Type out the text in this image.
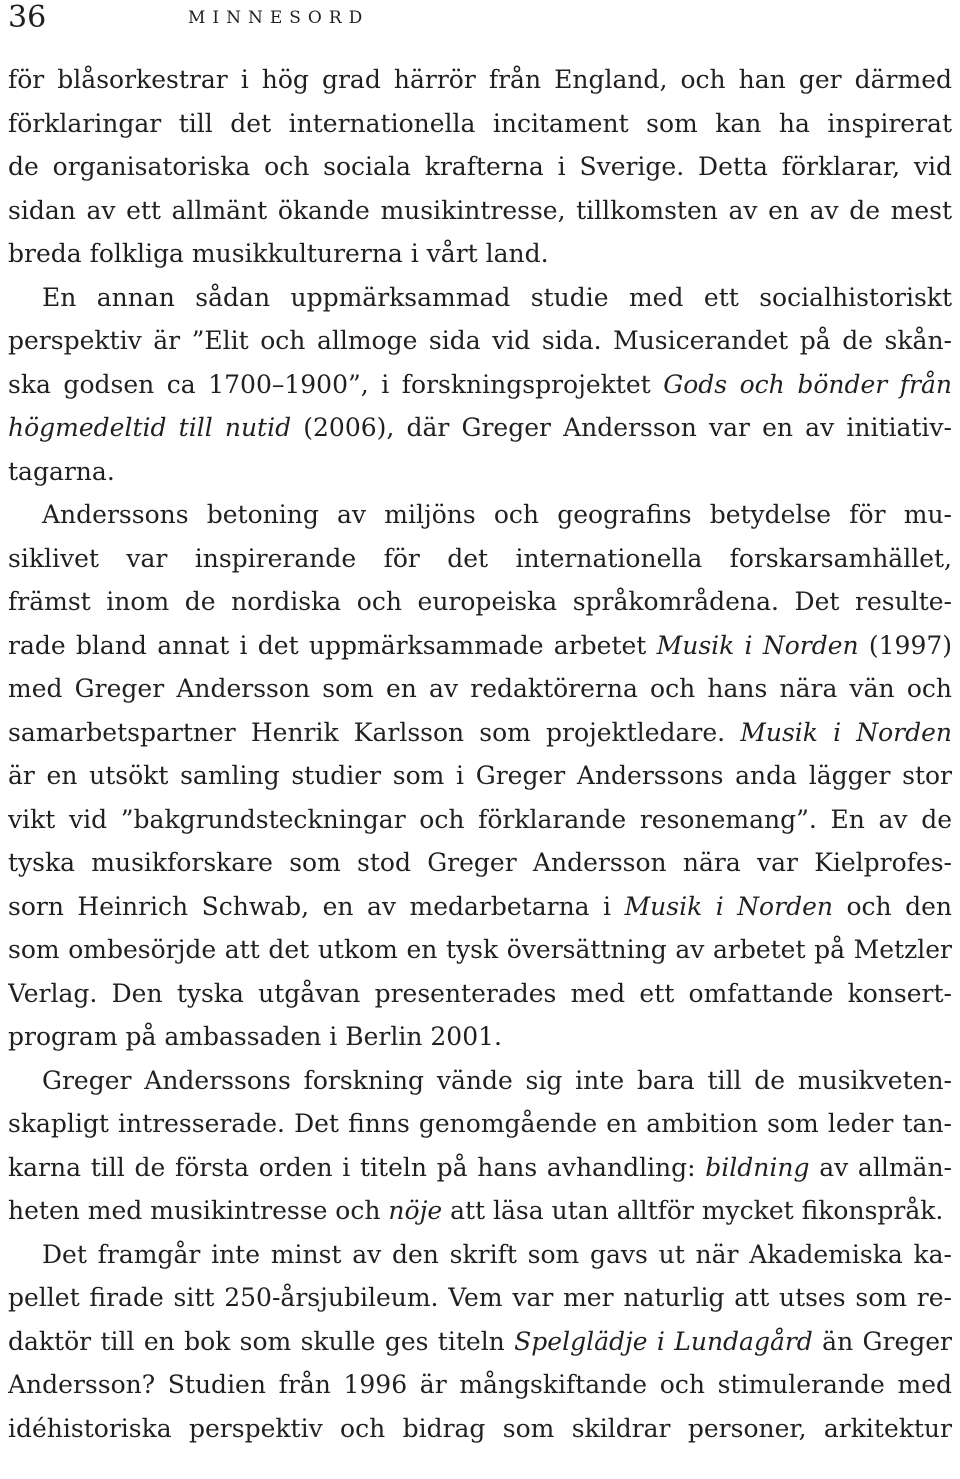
36	MINNESORD
för blåsorkestrar i hög grad härrör från England, och han ger därmed
förklaringar till det internationella incitament som kan ha inspirerat
de organisatoriska och sociala krafterna i Sverige. Detta förklarar, vid
sidan av ett allmänt ökande musikintresse, tillkomsten av en av de mest
breda folkliga musikkulturerna i vårt land.
En annan sådan uppmärksammad studie med ett socialhistoriskt
perspektiv är ”Elit och allmoge sida vid sida. Musicerandet på de skån-
ska godsen ca 1700–1900”, i forskningsprojektet Gods och bönder från
högmedeltid till nutid (2006), där Greger Andersson var en av initiativ-
tagarna.
Anderssons betoning av miljöns och geografins betydelse för mu-
siklivet var inspirerande för det internationella forskarsamhället,
främst inom de nordiska och europeiska språkområdena. Det resulte-
rade bland annat i det uppmärksammade arbetet Musik i Norden (1997)
med Greger Andersson som en av redaktörerna och hans nära vän och
samarbetspartner Henrik Karlsson som projektledare. Musik i Norden
är en utsökt samling studier som i Greger Anderssons anda lägger stor
vikt vid ”bakgrundsteckningar och förklarande resonemang”. En av de
tyska musikforskare som stod Greger Andersson nära var Kielprofes-
sorn Heinrich Schwab, en av medarbetarna i Musik i Norden och den
som ombesörjde att det utkom en tysk översättning av arbetet på Metzler
Verlag. Den tyska utgåvan presenterades med ett omfattande konsert-
program på ambassaden i Berlin 2001.
Greger Anderssons forskning vände sig inte bara till de musikveten-
skapligt intresserade. Det finns genomgående en ambition som leder tan-
karna till de första orden i titeln på hans avhandling: bildning av allmän-
heten med musikintresse och nöje att läsa utan alltför mycket fikonspråk.
Det framgår inte minst av den skrift som gavs ut när Akademiska ka-
pellet firade sitt 250-årsjubileum. Vem var mer naturlig att utses som re-
daktör till en bok som skulle ges titeln Spelglädje i Lundagård än Greger
Andersson? Studien från 1996 är mångskiftande och stimulerande med
idéhistoriska perspektiv och bidrag som skildrar personer, arkitektur
